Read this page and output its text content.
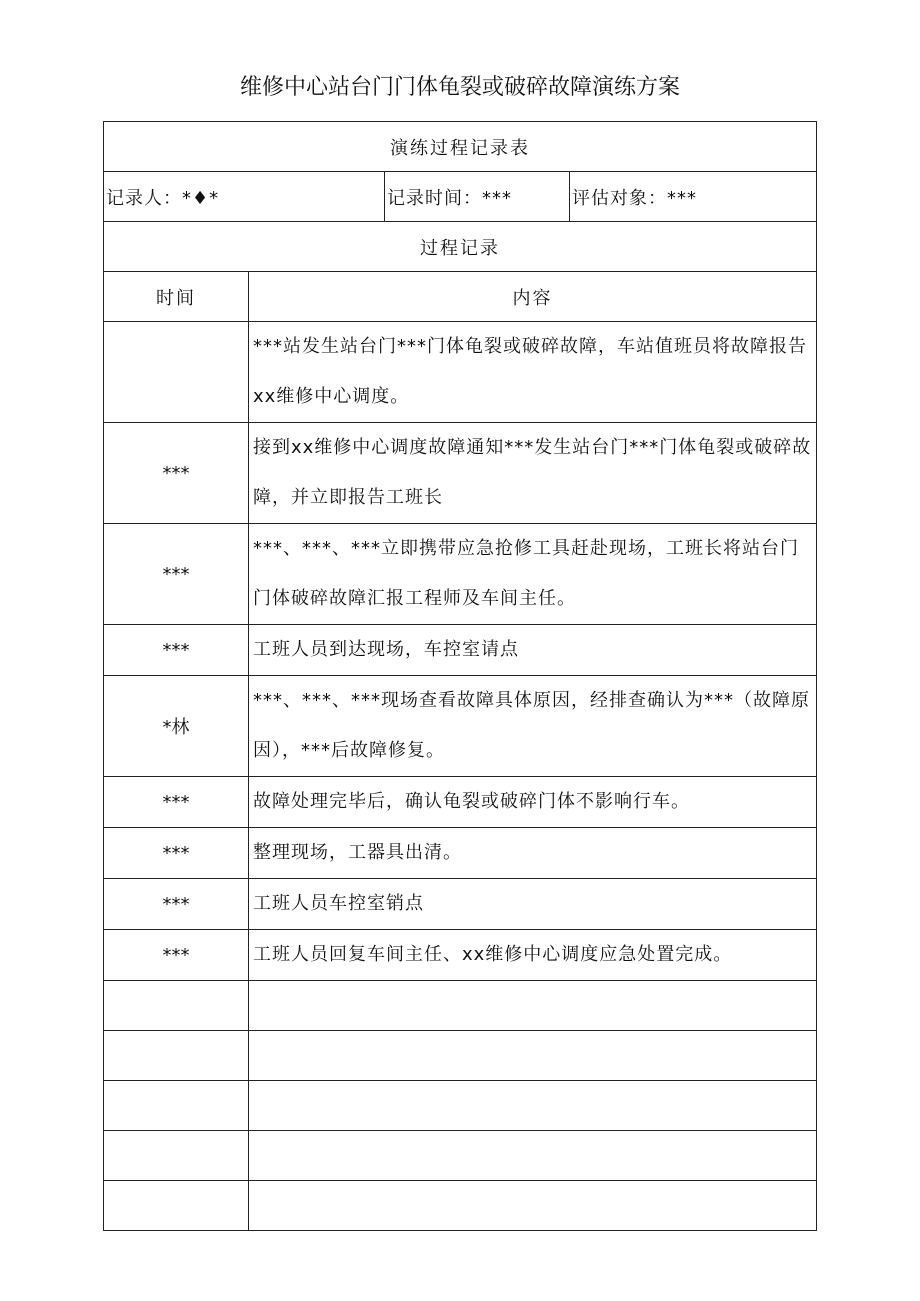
维修中心站台门门体龟裂或破碎故障演练方案
演练过程记录表			
记录人：*♦*		记录时间：***	评估对象：***
过程记录			
时间	内容		
	***站发生站台门***门体龟裂或破碎故障，车站值班员将故障报告xx维修中心调度。		
***	接到xx维修中心调度故障通知***发生站台门***门体龟裂或破碎故障，并立即报告工班长		
***	***、***、***立即携带应急抢修工具赶赴现场，工班长将站台门门体破碎故障汇报工程师及车间主任。		
***	工班人员到达现场，车控室请点		
*林	***、***、***现场查看故障具体原因，经排查确认为***（故障原因），***后故障修复。		
***	故障处理完毕后，确认龟裂或破碎门体不影响行车。		
***	整理现场，工器具出清。		
***	工班人员车控室销点		
***	工班人员回复车间主任、xx维修中心调度应急处置完成。		
